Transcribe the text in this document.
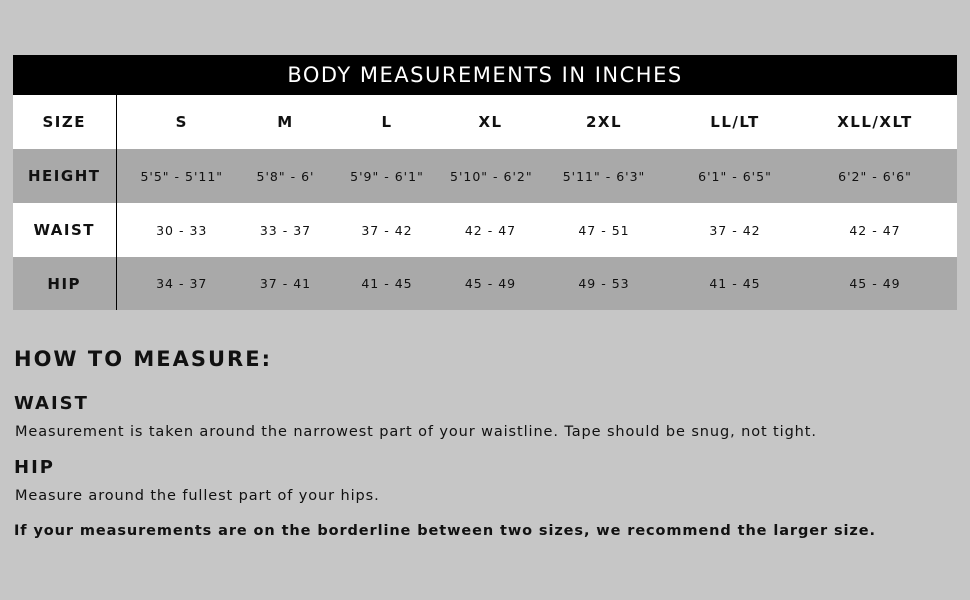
BODY MEASUREMENTS IN INCHES
SIZE	S	M	L	XL	2XL	LL/LT	XLL/XLT
HEIGHT	5'5" - 5'11"	5'8" - 6'	5'9" - 6'1"	5'10" - 6'2"	5'11" - 6'3"	6'1" - 6'5"	6'2" - 6'6"
WAIST	30 - 33	33 - 37	37 - 42	42 - 47	47 - 51	37 - 42	42 - 47
HIP	34 - 37	37 - 41	41 - 45	45 - 49	49 - 53	41 - 45	45 - 49
HOW TO MEASURE:
WAIST

Measurement is taken around the narrowest part of your waistline. Tape should be snug, not tight.

HIP

Measure around the fullest part of your hips.

If your measurements are on the borderline between two sizes, we recommend the larger size.
